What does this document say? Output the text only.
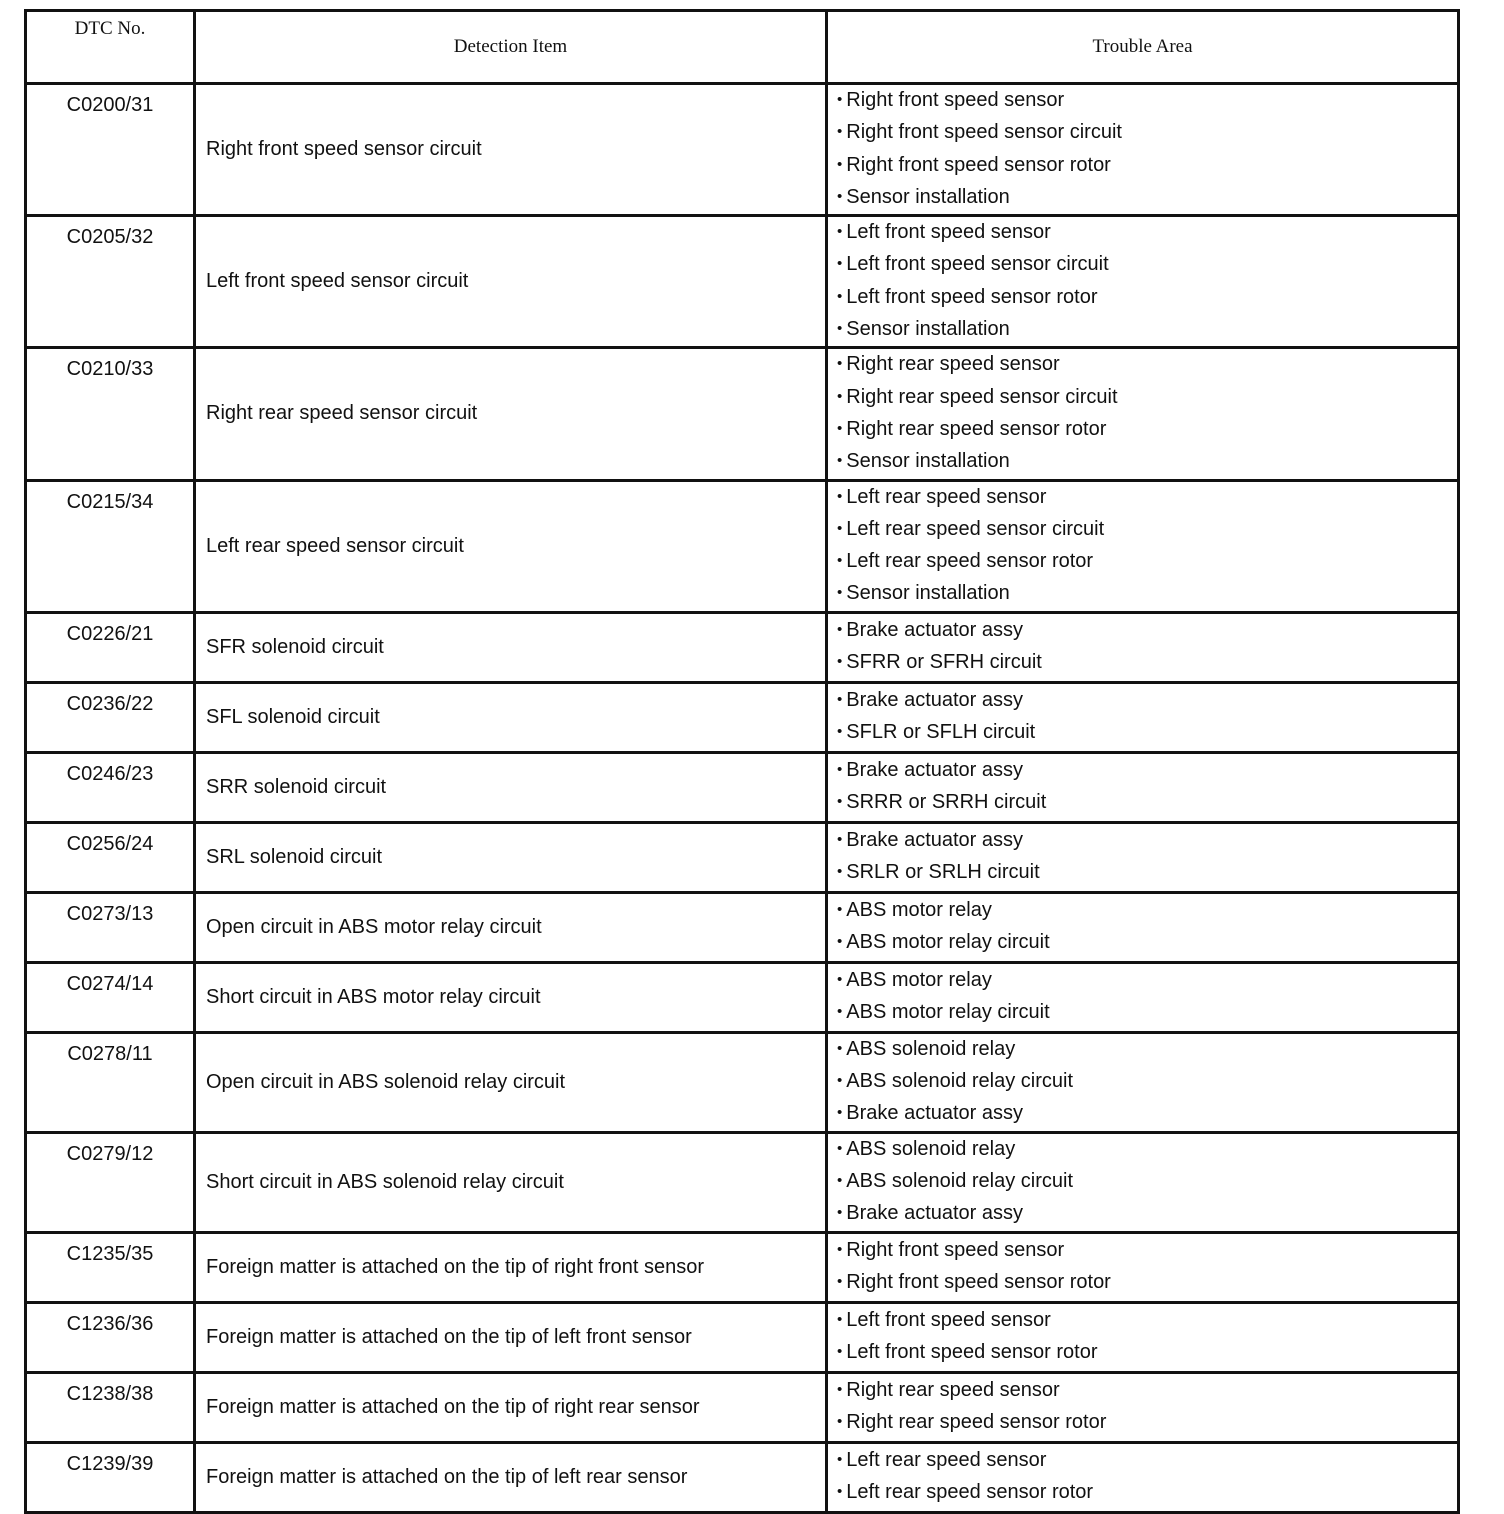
DTC No.	Detection Item	Trouble Area
C0200/31	Right front speed sensor circuit	• Right front speed sensor
• Right front speed sensor circuit
• Right front speed sensor rotor
• Sensor installation

C0205/32	Left front speed sensor circuit	• Left front speed sensor
• Left front speed sensor circuit
• Left front speed sensor rotor
• Sensor installation

C0210/33	Right rear speed sensor circuit	• Right rear speed sensor
• Right rear speed sensor circuit
• Right rear speed sensor rotor
• Sensor installation

C0215/34	Left rear speed sensor circuit	• Left rear speed sensor
• Left rear speed sensor circuit
• Left rear speed sensor rotor
• Sensor installation

C0226/21	SFR solenoid circuit	• Brake actuator assy
• SFRR or SFRH circuit

C0236/22	SFL solenoid circuit	• Brake actuator assy
• SFLR or SFLH circuit

C0246/23	SRR solenoid circuit	• Brake actuator assy
• SRRR or SRRH circuit

C0256/24	SRL solenoid circuit	• Brake actuator assy
• SRLR or SRLH circuit

C0273/13	Open circuit in ABS motor relay circuit	• ABS motor relay
• ABS motor relay circuit

C0274/14	Short circuit in ABS motor relay circuit	• ABS motor relay
• ABS motor relay circuit

C0278/11	Open circuit in ABS solenoid relay circuit	• ABS solenoid relay
• ABS solenoid relay circuit
• Brake actuator assy

C0279/12	Short circuit in ABS solenoid relay circuit	• ABS solenoid relay
• ABS solenoid relay circuit
• Brake actuator assy

C1235/35	Foreign matter is attached on the tip of right front sensor	• Right front speed sensor
• Right front speed sensor rotor

C1236/36	Foreign matter is attached on the tip of left front sensor	• Left front speed sensor
• Left front speed sensor rotor

C1238/38	Foreign matter is attached on the tip of right rear sensor	• Right rear speed sensor
• Right rear speed sensor rotor

C1239/39	Foreign matter is attached on the tip of left rear sensor	• Left rear speed sensor
• Left rear speed sensor rotor
